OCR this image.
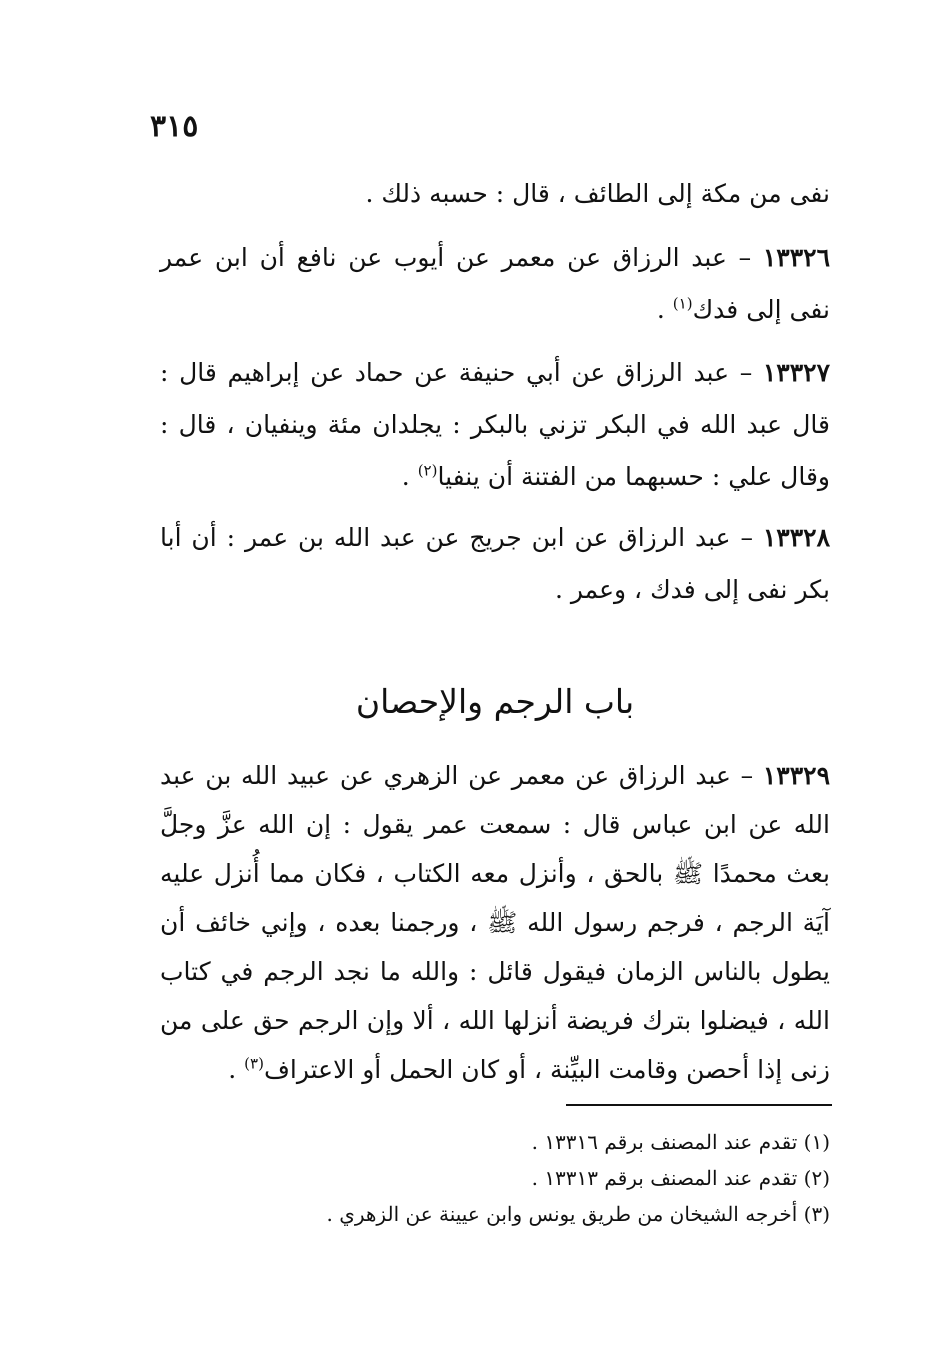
٣١٥
نفى من مكة إلى الطائف ، قال : حسبه ذلك .
١٣٣٢٦ – عبد الرزاق عن معمر عن أيوب عن نافع أن ابن عمر نفى إلى فدك$^{(١)}$ .
١٣٣٢٧ – عبد الرزاق عن أبي حنيفة عن حماد عن إبراهيم قال : قال عبد الله في البكر تزني بالبكر : يجلدان مئة وينفيان ، قال : وقال علي : حسبهما من الفتنة أن ينفيا$^{(٢)}$ .
١٣٣٢٨ – عبد الرزاق عن ابن جريج عن عبد الله بن عمر : أن أبا بكر نفى إلى فدك ، وعمر .
باب الرجم والإحصان
١٣٣٢٩ – عبد الرزاق عن معمر عن الزهري عن عبيد الله بن عبد الله عن ابن عباس قال : سمعت عمر يقول : إن الله عزَّ وجلَّ بعث محمدًا ﷺ بالحق ، وأنزل معه الكتاب ، فكان مما أُنزل عليه آيَة الرجم ، فرجم رسول الله ﷺ ، ورجمنا بعده ، وإني خائف أن يطول بالناس الزمان فيقول قائل : والله ما نجد الرجم في كتاب الله ، فيضلوا بترك فريضة أنزلها الله ، ألا وإن الرجم حق على من زنى إذا أحصن وقامت البيِّنة ، أو كان الحمل أو الاعتراف$^{(٣)}$ .
(١) تقدم عند المصنف برقم ١٣٣١٦ .
(٢) تقدم عند المصنف برقم ١٣٣١٣ .
(٣) أخرجه الشيخان من طريق يونس وابن عيينة عن الزهري .
